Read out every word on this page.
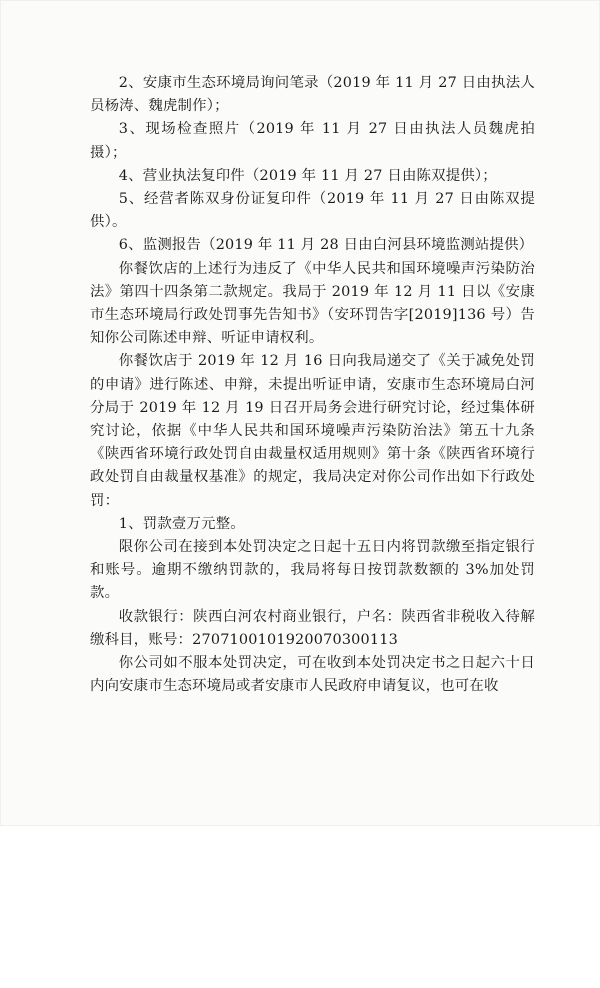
2、安康市生态环境局询问笔录（2019 年 11 月 27 日由执法人员杨涛、魏虎制作）；

3、现场检查照片（2019 年 11 月 27 日由执法人员魏虎拍摄）；

4、营业执法复印件（2019 年 11 月 27 日由陈双提供）；

5、经营者陈双身份证复印件（2019 年 11 月 27 日由陈双提供）。

6、监测报告（2019 年 11 月 28 日由白河县环境监测站提供）

你餐饮店的上述行为违反了《中华人民共和国环境噪声污染防治法》第四十四条第二款规定。我局于 2019 年 12 月 11 日以《安康市生态环境局行政处罚事先告知书》（安环罚告字[2019]136 号）告知你公司陈述申辩、听证申请权利。

你餐饮店于 2019 年 12 月 16 日向我局递交了《关于减免处罚的申请》进行陈述、申辩，未提出听证申请，安康市生态环境局白河分局于 2019 年 12 月 19 日召开局务会进行研究讨论，经过集体研究讨论，依据《中华人民共和国环境噪声污染防治法》第五十九条《陕西省环境行政处罚自由裁量权适用规则》第十条《陕西省环境行政处罚自由裁量权基准》的规定，我局决定对你公司作出如下行政处罚：

1、罚款壹万元整。

限你公司在接到本处罚决定之日起十五日内将罚款缴至指定银行和账号。逾期不缴纳罚款的，我局将每日按罚款数额的 3%加处罚款。

收款银行：陕西白河农村商业银行，户名：陕西省非税收入待解缴科目，账号：27071001019200703​00113

你公司如不服本处罚决定，可在收到本处罚决定书之日起六十日内向安康市生态环境局或者安康市人民政府申请复议，也可在收
